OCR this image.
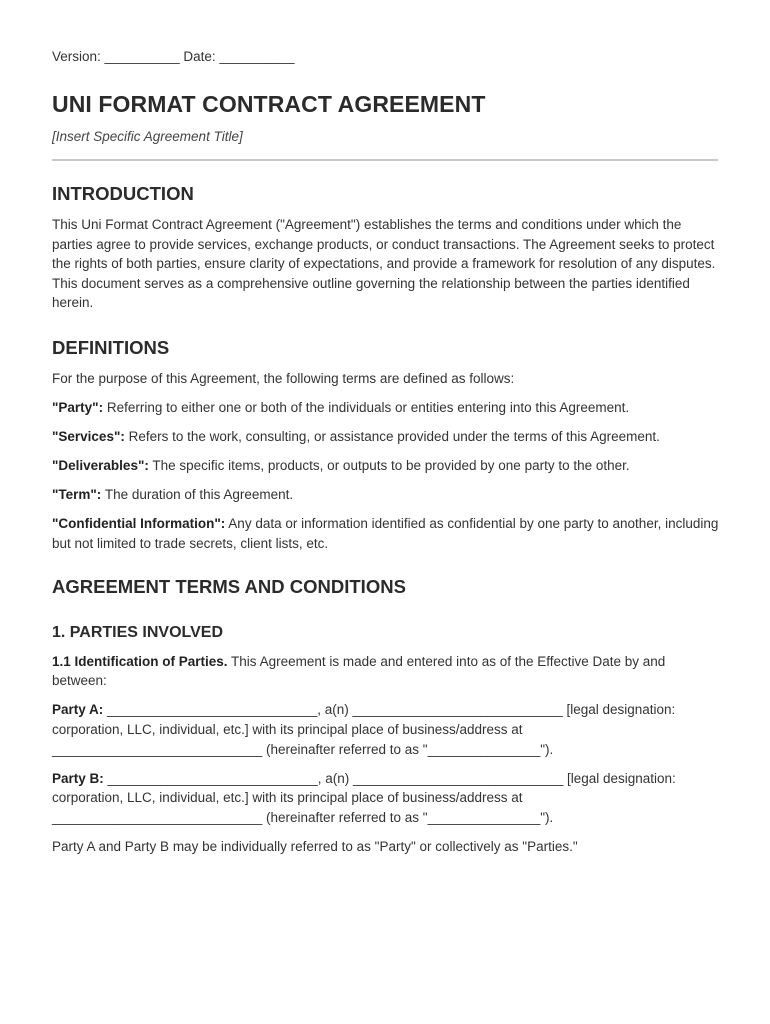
Version: __________ Date: __________
UNI FORMAT CONTRACT AGREEMENT
[Insert Specific Agreement Title]
INTRODUCTION

This Uni Format Contract Agreement ("Agreement") establishes the terms and conditions under which the parties agree to provide services, exchange products, or conduct transactions. The Agreement seeks to protect the rights of both parties, ensure clarity of expectations, and provide a framework for resolution of any disputes. This document serves as a comprehensive outline governing the relationship between the parties identified herein.

DEFINITIONS

For the purpose of this Agreement, the following terms are defined as follows:

"Party": Referring to either one or both of the individuals or entities entering into this Agreement.

"Services": Refers to the work, consulting, or assistance provided under the terms of this Agreement.

"Deliverables": The specific items, products, or outputs to be provided by one party to the other.

"Term": The duration of this Agreement.

"Confidential Information": Any data or information identified as confidential by one party to another, including but not limited to trade secrets, client lists, etc.

AGREEMENT TERMS AND CONDITIONS
1. PARTIES INVOLVED

1.1 Identification of Parties. This Agreement is made and entered into as of the Effective Date by and between:

Party A: ____________________________, a(n) ____________________________ [legal designation: corporation, LLC, individual, etc.] with its principal place of business/address at ____________________________ (hereinafter referred to as "_______________").

Party B: ____________________________, a(n) ____________________________ [legal designation: corporation, LLC, individual, etc.] with its principal place of business/address at ____________________________ (hereinafter referred to as "_______________").

Party A and Party B may be individually referred to as "Party" or collectively as "Parties."
